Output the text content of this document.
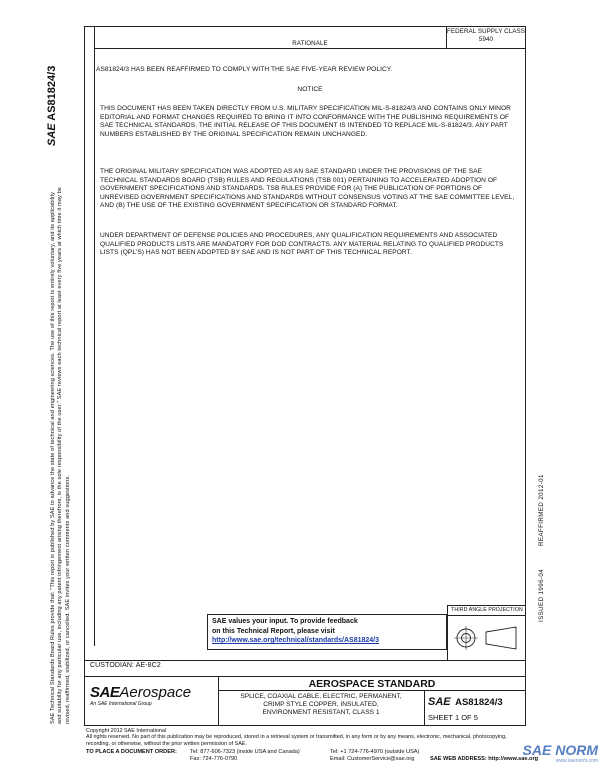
SAE Technical Standards Board Rules provide that: "This report is published by SAE to advance the state of technical and engineering sciences. The use of this report is entirely voluntary, and its applicability and suitability for any particular use, including any patent infringement arising therefrom, is the sole responsibility of the user." SAE reviews each technical report at least every five years at which time it may be revised, reaffirmed, stabilized, or cancelled. SAE invites your written comments and suggestions.
SAE AS81824/3
ISSUED 1996-04
REAFFIRMED 2012-01
RATIONALE
FEDERAL SUPPLY CLASS
5940
AS81824/3 HAS BEEN REAFFIRMED TO COMPLY WITH THE SAE FIVE-YEAR REVIEW POLICY.
NOTICE
THIS DOCUMENT HAS BEEN TAKEN DIRECTLY FROM U.S. MILITARY SPECIFICATION MIL-S-81824/3 AND CONTAINS ONLY MINOR EDITORIAL AND FORMAT CHANGES REQUIRED TO BRING IT INTO CONFORMANCE WITH THE PUBLISHING REQUIREMENTS OF SAE TECHNICAL STANDARDS. THE INITIAL RELEASE OF THIS DOCUMENT IS INTENDED TO REPLACE MIL-S-81824/3. ANY PART NUMBERS ESTABLISHED BY THE ORIGINAL SPECIFICATION REMAIN UNCHANGED.
THE ORIGINAL MILITARY SPECIFICATION WAS ADOPTED AS AN SAE STANDARD UNDER THE PROVISIONS OF THE SAE TECHNICAL STANDARDS BOARD (TSB) RULES AND REGULATIONS (TSB 001) PERTAINING TO ACCELERATED ADOPTION OF GOVERNMENT SPECIFICATIONS AND STANDARDS. TSB RULES PROVIDE FOR (A) THE PUBLICATION OF PORTIONS OF UNREVISED GOVERNMENT SPECIFICATIONS AND STANDARDS WITHOUT CONSENSUS VOTING AT THE SAE COMMITTEE LEVEL, AND (B) THE USE OF THE EXISTING GOVERNMENT SPECIFICATION OR STANDARD FORMAT.
UNDER DEPARTMENT OF DEFENSE POLICIES AND PROCEDURES, ANY QUALIFICATION REQUIREMENTS AND ASSOCIATED QUALIFIED PRODUCTS LISTS ARE MANDATORY FOR DOD CONTRACTS. ANY MATERIAL RELATING TO QUALIFIED PRODUCTS LISTS (QPL'S) HAS NOT BEEN ADOPTED BY SAE AND IS NOT PART OF THIS TECHNICAL REPORT.
SAE values your input. To provide feedback
on this Technical Report, please visit
http://www.sae.org/technical/standards/AS81824/3
THIRD ANGLE PROJECTION
CUSTODIAN: AE-8C2
SAEAerospace
An SAE International Group
AEROSPACE STANDARD
SPLICE, COAXIAL CABLE, ELECTRIC, PERMANENT,
CRIMP STYLE COPPER, INSULATED,
ENVIRONMENT RESISTANT, CLASS 1
SAE AS81824/3
SHEET 1 OF 5
Copyright 2012 SAE International
All rights reserved. No part of this publication may be reproduced, stored in a retrieval system or transmitted, in any form or by any means, electronic, mechanical, photocopying,
recording, or otherwise, without the prior written permission of SAE.
TO PLACE A DOCUMENT ORDER: Tel: 877-606-7323 (inside USA and Canada)
Fax: 724-776-0790
Tel: +1 724-776-4970 (outside USA)
Email: CustomerService@sae.org	SAE WEB ADDRESS: http://www.sae.org
SAE NORM
www.saenorm.com
